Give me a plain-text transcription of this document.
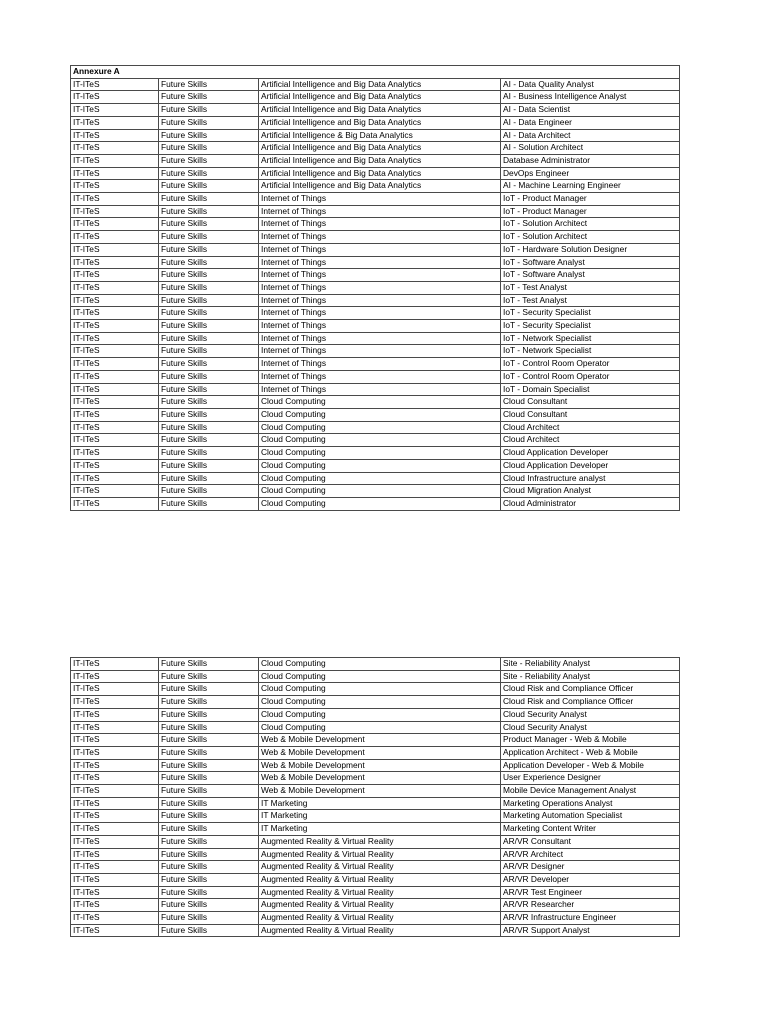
Annexure A			
IT-ITeS	Future Skills	Artificial Intelligence and Big Data Analytics	AI - Data Quality Analyst
IT-ITeS	Future Skills	Artificial Intelligence and Big Data Analytics	AI - Business Intelligence Analyst
IT-ITeS	Future Skills	Artificial Intelligence and Big Data Analytics	AI - Data Scientist
IT-ITeS	Future Skills	Artificial Intelligence and Big Data Analytics	AI - Data Engineer
IT-ITeS	Future Skills	Artificial Intelligence & Big Data Analytics	AI - Data Architect
IT-ITeS	Future Skills	Artificial Intelligence and Big Data Analytics	AI - Solution Architect
IT-ITeS	Future Skills	Artificial Intelligence and Big Data Analytics	Database Administrator
IT-ITeS	Future Skills	Artificial Intelligence and Big Data Analytics	DevOps Engineer
IT-ITeS	Future Skills	Artificial Intelligence and Big Data Analytics	AI - Machine Learning Engineer
IT-ITeS	Future Skills	Internet of Things	IoT - Product Manager
IT-ITeS	Future Skills	Internet of Things	IoT - Product Manager
IT-ITeS	Future Skills	Internet of Things	IoT - Solution Architect
IT-ITeS	Future Skills	Internet of Things	IoT - Solution Architect
IT-ITeS	Future Skills	Internet of Things	IoT - Hardware Solution Designer
IT-ITeS	Future Skills	Internet of Things	IoT - Software Analyst
IT-ITeS	Future Skills	Internet of Things	IoT - Software Analyst
IT-ITeS	Future Skills	Internet of Things	IoT - Test Analyst
IT-ITeS	Future Skills	Internet of Things	IoT - Test Analyst
IT-ITeS	Future Skills	Internet of Things	IoT - Security Specialist
IT-ITeS	Future Skills	Internet of Things	IoT - Security Specialist
IT-ITeS	Future Skills	Internet of Things	IoT - Network Specialist
IT-ITeS	Future Skills	Internet of Things	IoT - Network Specialist
IT-ITeS	Future Skills	Internet of Things	IoT - Control Room Operator
IT-ITeS	Future Skills	Internet of Things	IoT - Control Room Operator
IT-ITeS	Future Skills	Internet of Things	IoT - Domain Specialist
IT-ITeS	Future Skills	Cloud Computing	Cloud Consultant
IT-ITeS	Future Skills	Cloud Computing	Cloud Consultant
IT-ITeS	Future Skills	Cloud Computing	Cloud Architect
IT-ITeS	Future Skills	Cloud Computing	Cloud Architect
IT-ITeS	Future Skills	Cloud Computing	Cloud Application Developer
IT-ITeS	Future Skills	Cloud Computing	Cloud Application Developer
IT-ITeS	Future Skills	Cloud Computing	Cloud Infrastructure analyst
IT-ITeS	Future Skills	Cloud Computing	Cloud Migration Analyst
IT-ITeS	Future Skills	Cloud Computing	Cloud Administrator
IT-ITeS	Future Skills	Cloud Computing	Site - Reliability Analyst
IT-ITeS	Future Skills	Cloud Computing	Site - Reliability Analyst
IT-ITeS	Future Skills	Cloud Computing	Cloud Risk and Compliance Officer
IT-ITeS	Future Skills	Cloud Computing	Cloud Risk and Compliance Officer
IT-ITeS	Future Skills	Cloud Computing	Cloud Security Analyst
IT-ITeS	Future Skills	Cloud Computing	Cloud Security Analyst
IT-ITeS	Future Skills	Web & Mobile Development	Product Manager - Web & Mobile
IT-ITeS	Future Skills	Web & Mobile Development	Application Architect - Web & Mobile
IT-ITeS	Future Skills	Web & Mobile Development	Application Developer - Web & Mobile
IT-ITeS	Future Skills	Web & Mobile Development	User Experience Designer
IT-ITeS	Future Skills	Web & Mobile Development	Mobile Device Management Analyst
IT-ITeS	Future Skills	IT Marketing	Marketing Operations Analyst
IT-ITeS	Future Skills	IT Marketing	Marketing Automation Specialist
IT-ITeS	Future Skills	IT Marketing	Marketing Content Writer
IT-ITeS	Future Skills	Augmented Reality & Virtual Reality	AR/VR Consultant
IT-ITeS	Future Skills	Augmented Reality & Virtual Reality	AR/VR Architect
IT-ITeS	Future Skills	Augmented Reality & Virtual Reality	AR/VR Designer
IT-ITeS	Future Skills	Augmented Reality & Virtual Reality	AR/VR Developer
IT-ITeS	Future Skills	Augmented Reality & Virtual Reality	AR/VR Test Engineer
IT-ITeS	Future Skills	Augmented Reality & Virtual Reality	AR/VR Researcher
IT-ITeS	Future Skills	Augmented Reality & Virtual Reality	AR/VR Infrastructure Engineer
IT-ITeS	Future Skills	Augmented Reality & Virtual Reality	AR/VR Support Analyst
